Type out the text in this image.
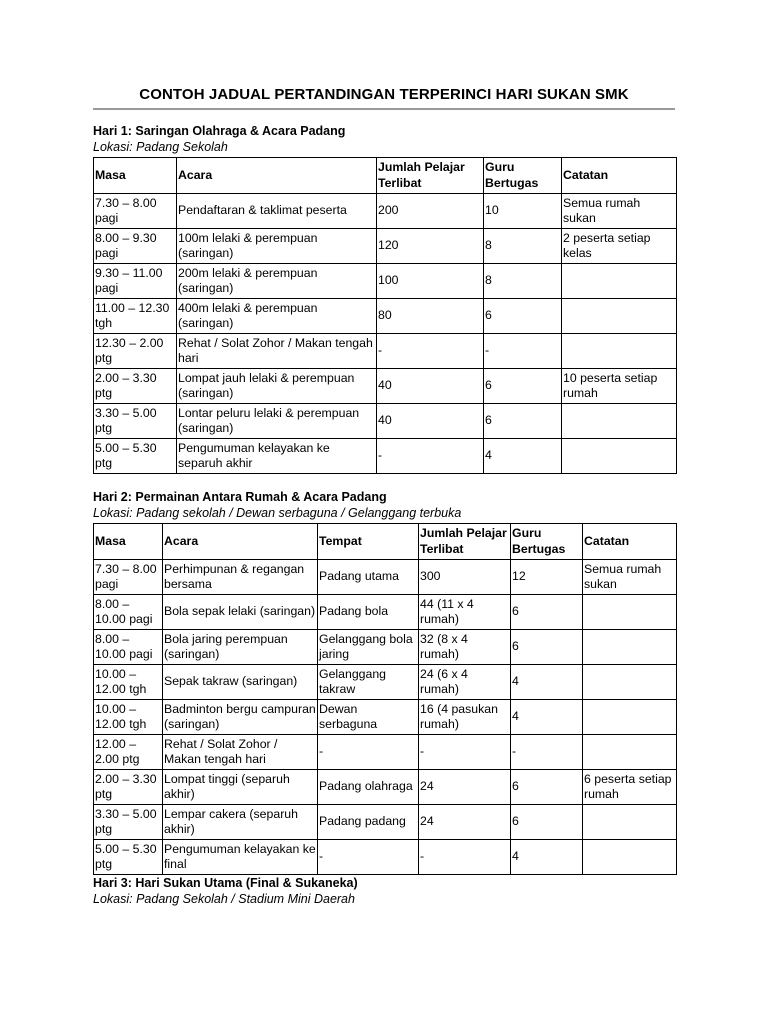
CONTOH JADUAL PERTANDINGAN TERPERINCI HARI SUKAN SMK
Hari 1: Saringan Olahraga & Acara Padang
Lokasi: Padang Sekolah
Masa	Acara	Jumlah Pelajar Terlibat	Guru Bertugas	Catatan
7.30 – 8.00 pagi	Pendaftaran & taklimat peserta	200	10	Semua rumah sukan
8.00 – 9.30 pagi	100m lelaki & perempuan (saringan)	120	8	2 peserta setiap kelas
9.30 – 11.00 pagi	200m lelaki & perempuan (saringan)	100	8	
11.00 – 12.30 tgh	400m lelaki & perempuan (saringan)	80	6	
12.30 – 2.00 ptg	Rehat / Solat Zohor / Makan tengah hari	-	-	
2.00 – 3.30 ptg	Lompat jauh lelaki & perempuan (saringan)	40	6	10 peserta setiap rumah
3.30 – 5.00 ptg	Lontar peluru lelaki & perempuan (saringan)	40	6	
5.00 – 5.30 ptg	Pengumuman kelayakan ke separuh akhir	-	4	
Hari 2: Permainan Antara Rumah & Acara Padang
Lokasi: Padang sekolah / Dewan serbaguna / Gelanggang terbuka
Masa	Acara	Tempat	Jumlah Pelajar Terlibat	Guru Bertugas	Catatan
7.30 – 8.00 pagi	Perhimpunan & regangan bersama	Padang utama	300	12	Semua rumah sukan
8.00 – 10.00 pagi	Bola sepak lelaki (saringan)	Padang bola	44 (11 x 4 rumah)	6	
8.00 – 10.00 pagi	Bola jaring perempuan (saringan)	Gelanggang bola jaring	32 (8 x 4 rumah)	6	
10.00 – 12.00 tgh	Sepak takraw (saringan)	Gelanggang takraw	24 (6 x 4 rumah)	4	
10.00 – 12.00 tgh	Badminton bergu campuran (saringan)	Dewan serbaguna	16 (4 pasukan rumah)	4	
12.00 – 2.00 ptg	Rehat / Solat Zohor / Makan tengah hari	-	-	-	
2.00 – 3.30 ptg	Lompat tinggi (separuh akhir)	Padang olahraga	24	6	6 peserta setiap rumah
3.30 – 5.00 ptg	Lempar cakera (separuh akhir)	Padang padang	24	6	
5.00 – 5.30 ptg	Pengumuman kelayakan ke final	-	-	4	
Hari 3: Hari Sukan Utama (Final & Sukaneka)
Lokasi: Padang Sekolah / Stadium Mini Daerah
